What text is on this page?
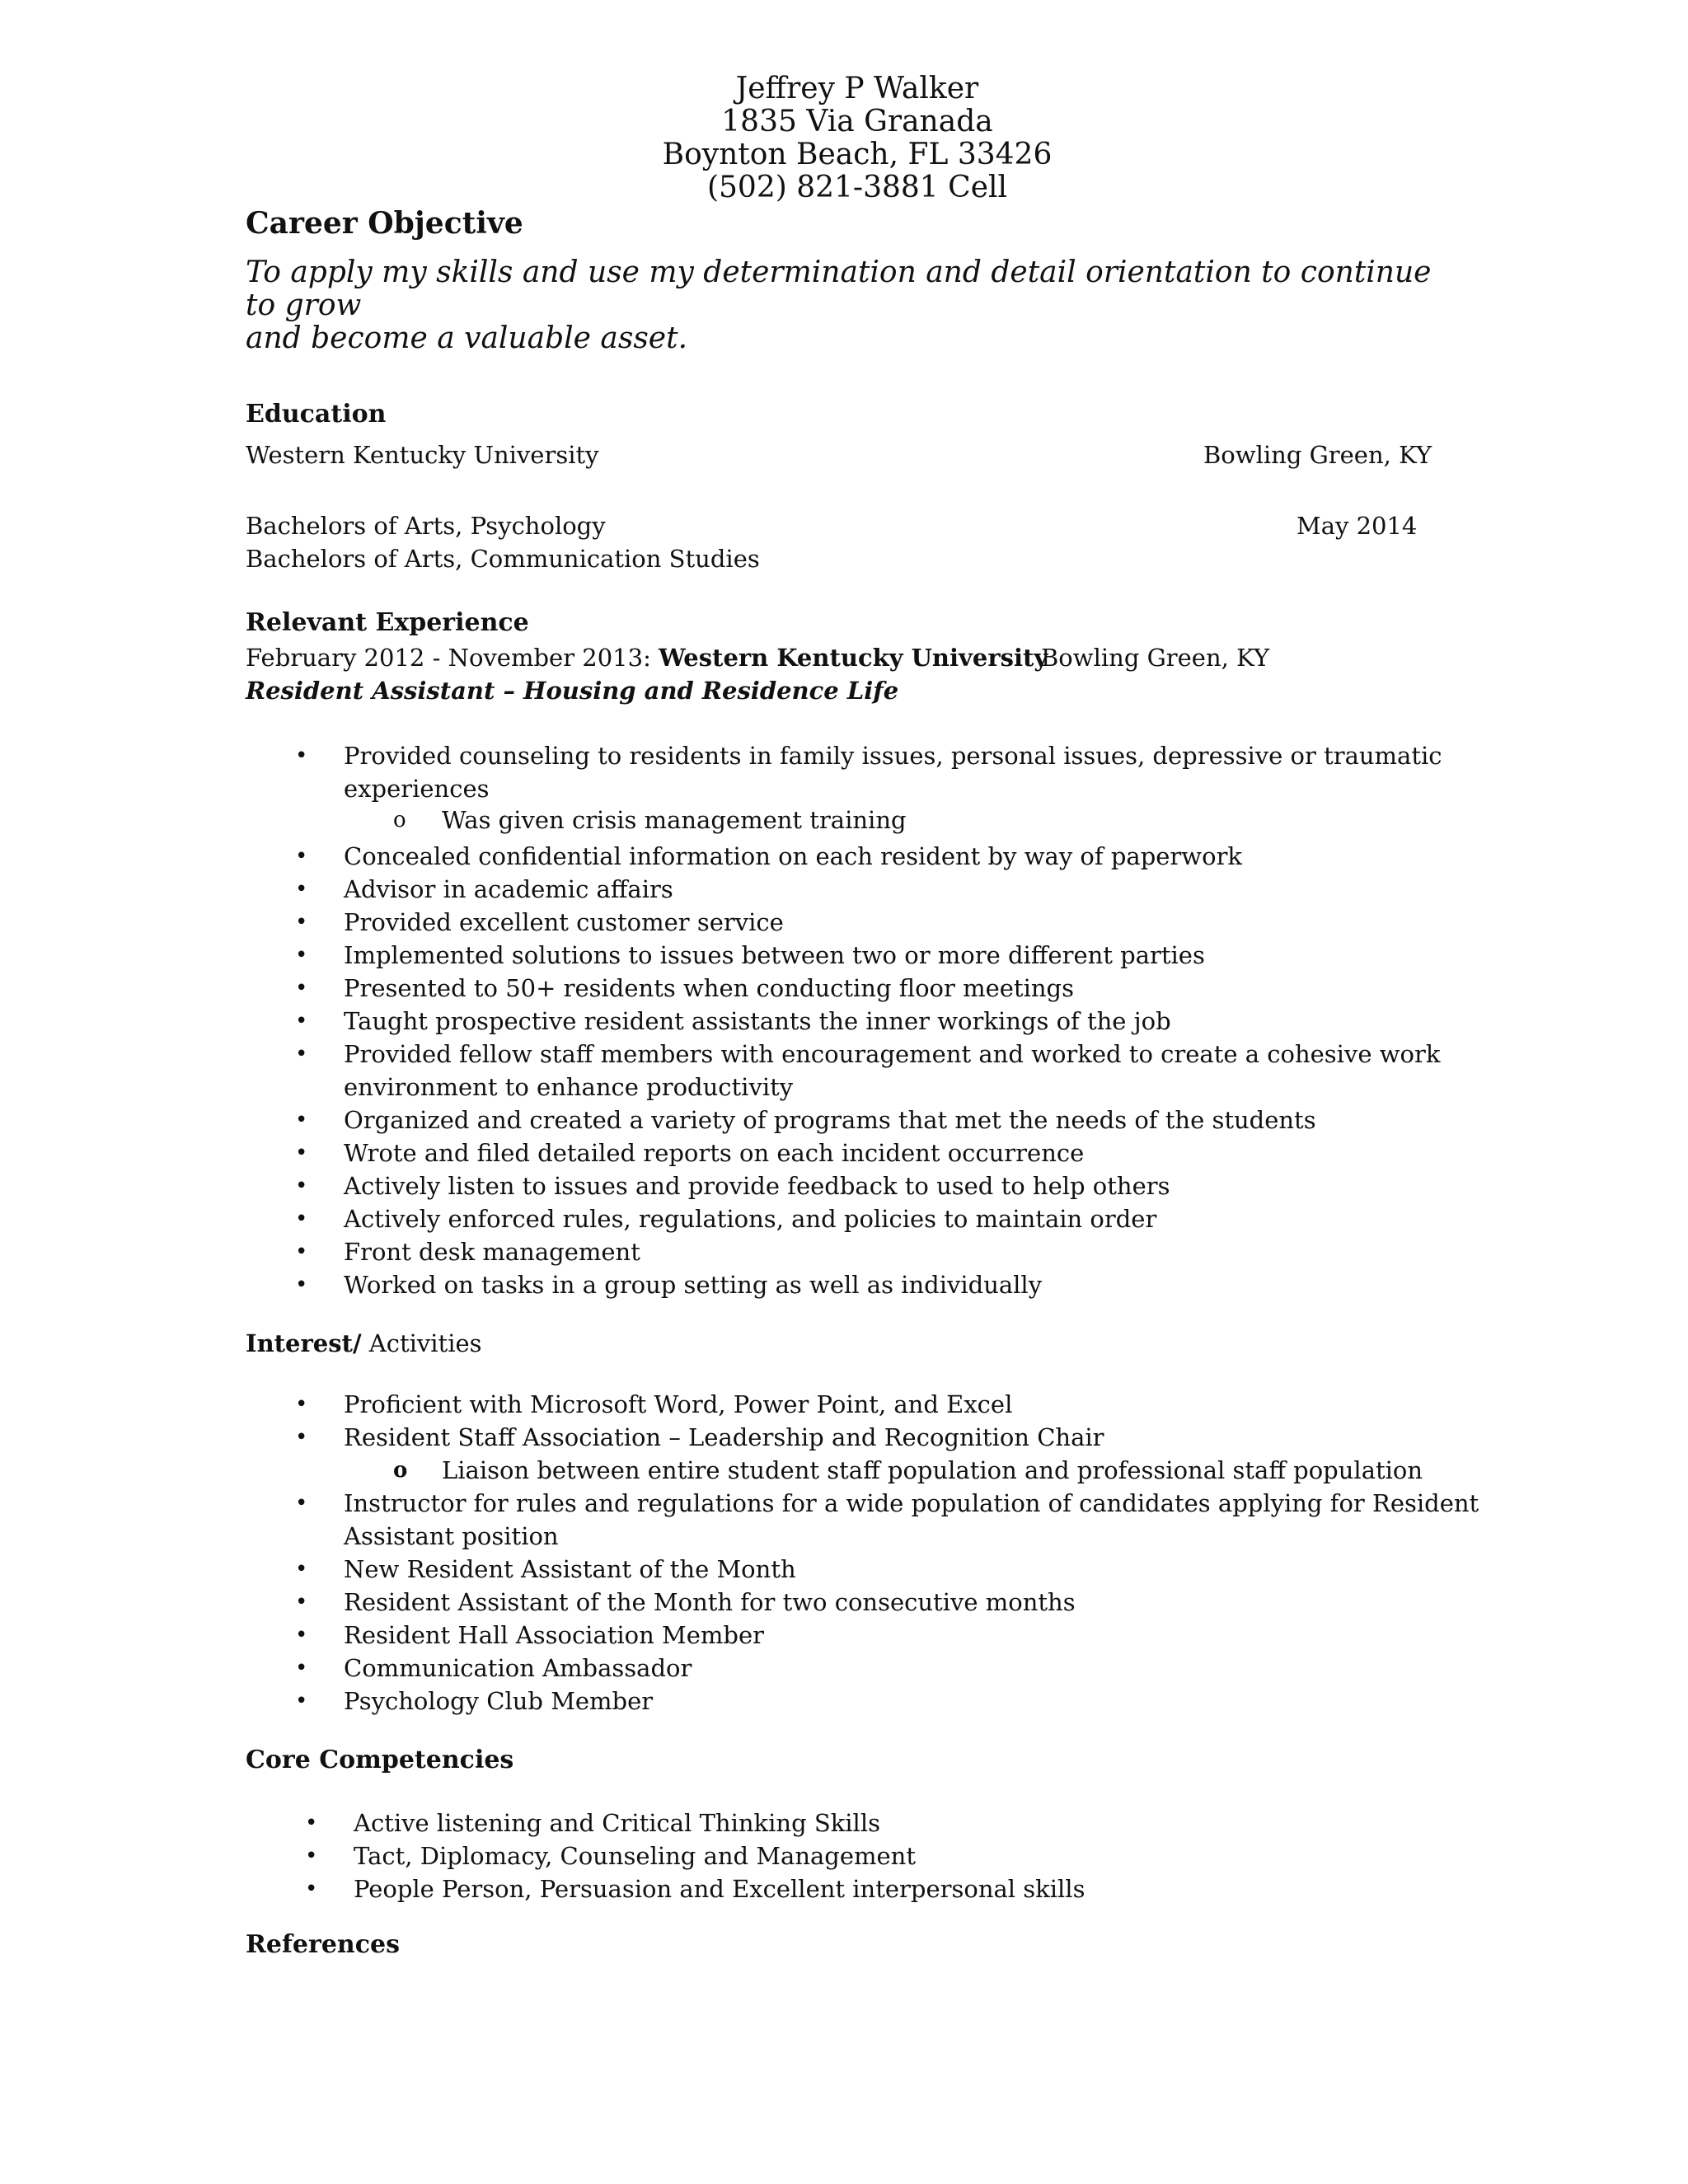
Jeffrey P Walker
1835 Via Granada
Boynton Beach, FL 33426
(502) 821-3881 Cell
Career Objective
To apply my skills and use my determination and detail orientation to continue to grow
and become a valuable asset.
Education
Western Kentucky University	Bowling Green, KY
Bachelors of Arts, Psychology	May 2014
Bachelors of Arts, Communication Studies
Relevant Experience
February 2012 - November 2013: Western Kentucky University
Bowling Green, KY
Resident Assistant – Housing and Residence Life
• Provided counseling to residents in family issues, personal issues, depressive or traumatic
experiences
o Was given crisis management training
• Concealed confidential information on each resident by way of paperwork
• Advisor in academic affairs
• Provided excellent customer service
• Implemented solutions to issues between two or more different parties
• Presented to 50+ residents when conducting floor meetings
• Taught prospective resident assistants the inner workings of the job
• Provided fellow staff members with encouragement and worked to create a cohesive work
environment to enhance productivity
• Organized and created a variety of programs that met the needs of the students
• Wrote and filed detailed reports on each incident occurrence
• Actively listen to issues and provide feedback to used to help others
• Actively enforced rules, regulations, and policies to maintain order
• Front desk management
• Worked on tasks in a group setting as well as individually
Interest/ Activities
• Proficient with Microsoft Word, Power Point, and Excel
• Resident Staff Association – Leadership and Recognition Chair
o Liaison between entire student staff population and professional staff population
• Instructor for rules and regulations for a wide population of candidates applying for Resident
Assistant position
• New Resident Assistant of the Month
• Resident Assistant of the Month for two consecutive months
• Resident Hall Association Member
• Communication Ambassador
• Psychology Club Member
Core Competencies
• Active listening and Critical Thinking Skills
• Tact, Diplomacy, Counseling and Management
• People Person, Persuasion and Excellent interpersonal skills
References
